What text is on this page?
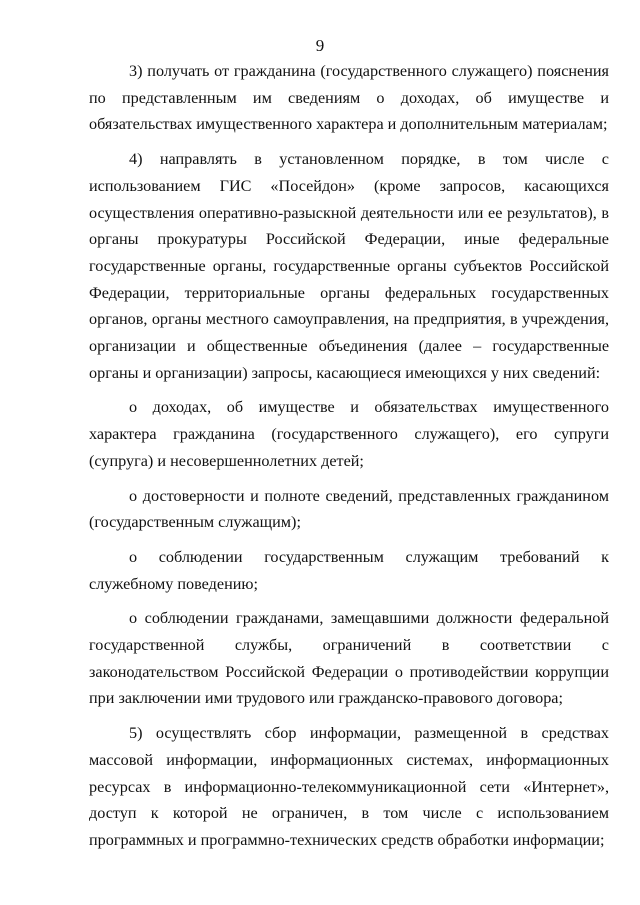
9

3) получать от гражданина (государственного служащего) пояснения по представленным им сведениям о доходах, об имуществе и обязательствах имущественного характера и дополнительным материалам;

4) направлять в установленном порядке, в том числе с использованием ГИС «Посейдон» (кроме запросов, касающихся осуществления оперативно-разыскной деятельности или ее результатов), в органы прокуратуры Российской Федерации, иные федеральные государственные органы, государственные органы субъектов Российской Федерации, территориальные органы федеральных государственных органов, органы местного самоуправления, на предприятия, в учреждения, организации и общественные объединения (далее – государственные органы и организации) запросы, касающиеся имеющихся у них сведений:

о доходах, об имуществе и обязательствах имущественного характера гражданина (государственного служащего), его супруги (супруга) и несовершеннолетних детей;

о достоверности и полноте сведений, представленных гражданином (государственным служащим);

о соблюдении государственным служащим требований к служебному поведению;

о соблюдении гражданами, замещавшими должности федеральной государственной службы, ограничений в соответствии с законодательством Российской Федерации о противодействии коррупции при заключении ими трудового или гражданско-правового договора;

5) осуществлять сбор информации, размещенной в средствах массовой информации, информационных системах, информационных ресурсах в информационно-телекоммуникационной сети «Интернет», доступ к которой не ограничен, в том числе с использованием программных и программно-технических средств обработки информации;
